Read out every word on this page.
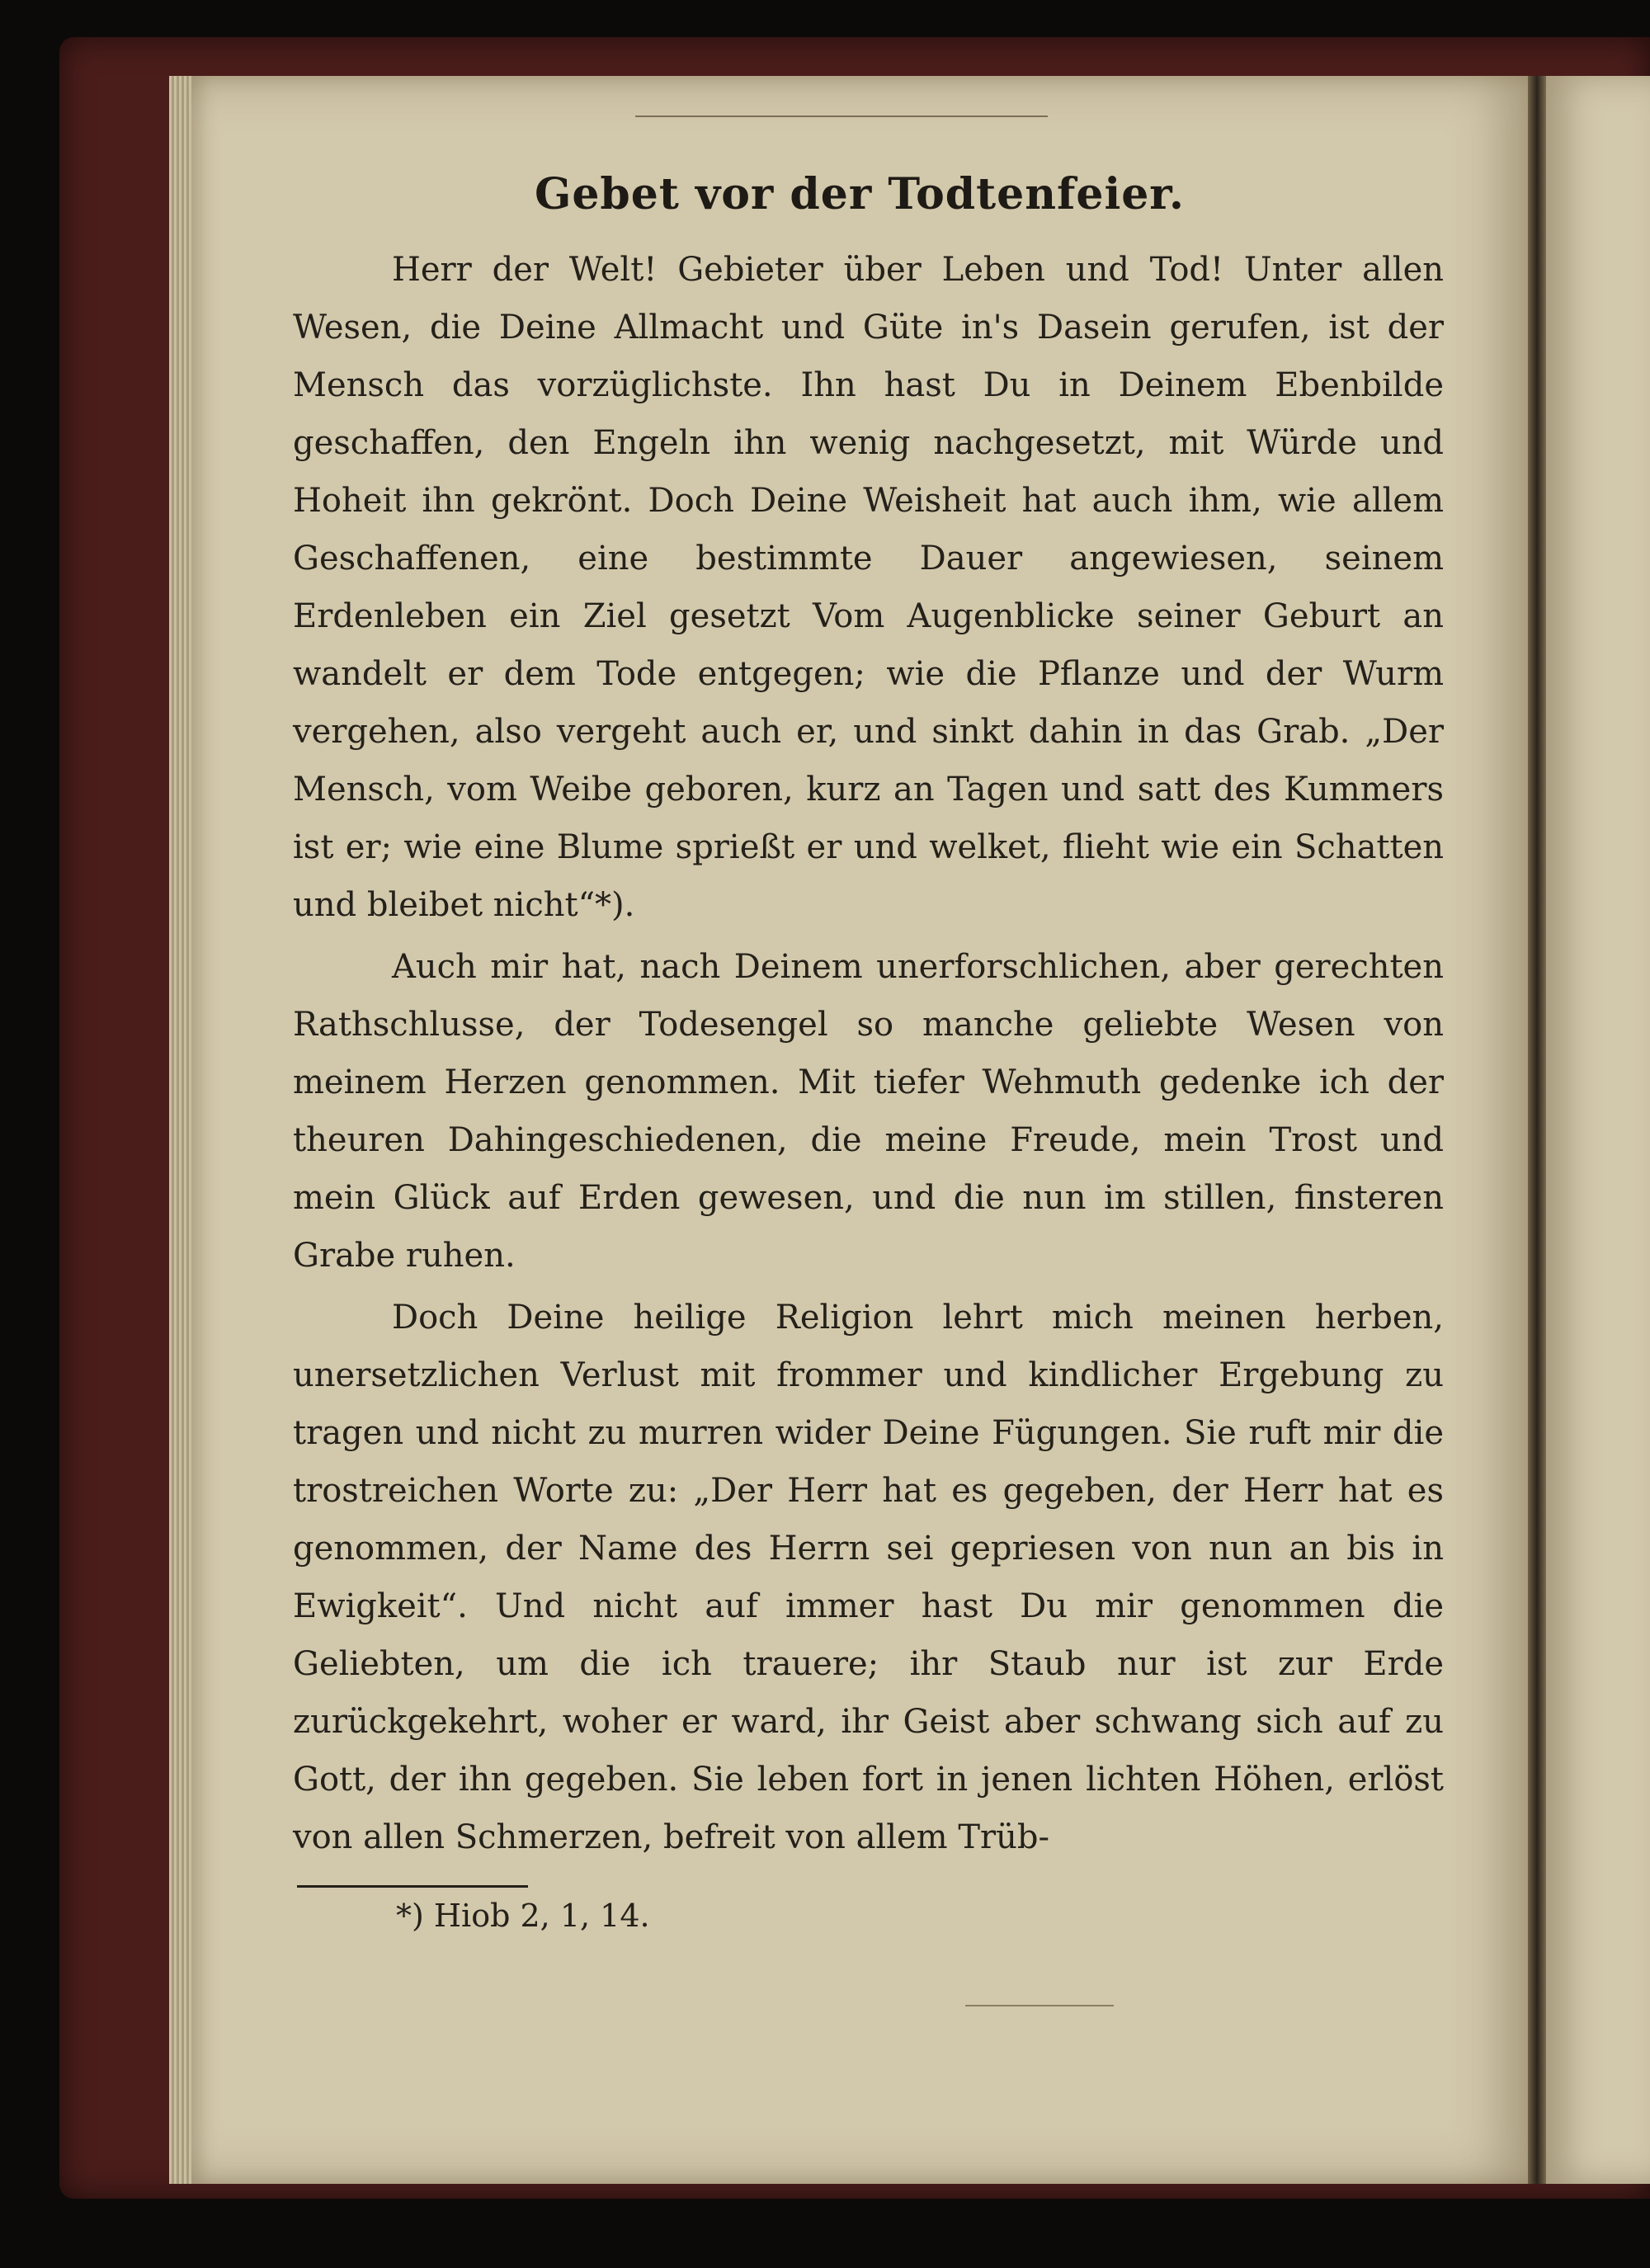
Gebet vor der Todtenfeier.

Herr der Welt! Gebieter über Leben und Tod! Unter allen Wesen, die Deine Allmacht und Güte in's Dasein gerufen, ist der Mensch das vorzüglichste. Ihn hast Du in Deinem Ebenbilde geschaffen, den Engeln ihn wenig nachgesetzt, mit Würde und Hoheit ihn gekrönt. Doch Deine Weisheit hat auch ihm, wie allem Geschaffenen, eine bestimmte Dauer angewiesen, seinem Erdenleben ein Ziel gesetzt Vom Augenblicke seiner Geburt an wandelt er dem Tode entgegen; wie die Pflanze und der Wurm vergehen, also vergeht auch er, und sinkt dahin in das Grab. „Der Mensch, vom Weibe geboren, kurz an Tagen und satt des Kummers ist er; wie eine Blume sprießt er und welket, flieht wie ein Schatten und bleibet nicht“*).

Auch mir hat, nach Deinem unerforschlichen, aber gerechten Rathschlusse, der Todesengel so manche geliebte Wesen von meinem Herzen genommen. Mit tiefer Wehmuth gedenke ich der theuren Dahingeschiedenen, die meine Freude, mein Trost und mein Glück auf Erden gewesen, und die nun im stillen, finsteren Grabe ruhen.

Doch Deine heilige Religion lehrt mich meinen herben, unersetzlichen Verlust mit frommer und kindlicher Ergebung zu tragen und nicht zu murren wider Deine Fügungen. Sie ruft mir die trostreichen Worte zu: „Der Herr hat es gegeben, der Herr hat es genommen, der Name des Herrn sei gepriesen von nun an bis in Ewigkeit“. Und nicht auf immer hast Du mir genommen die Geliebten, um die ich trauere; ihr Staub nur ist zur Erde zurückgekehrt, woher er ward, ihr Geist aber schwang sich auf zu Gott, der ihn gegeben. Sie leben fort in jenen lichten Höhen, erlöst von allen Schmerzen, befreit von allem Trüb-

*) Hiob 2, 1, 14.
